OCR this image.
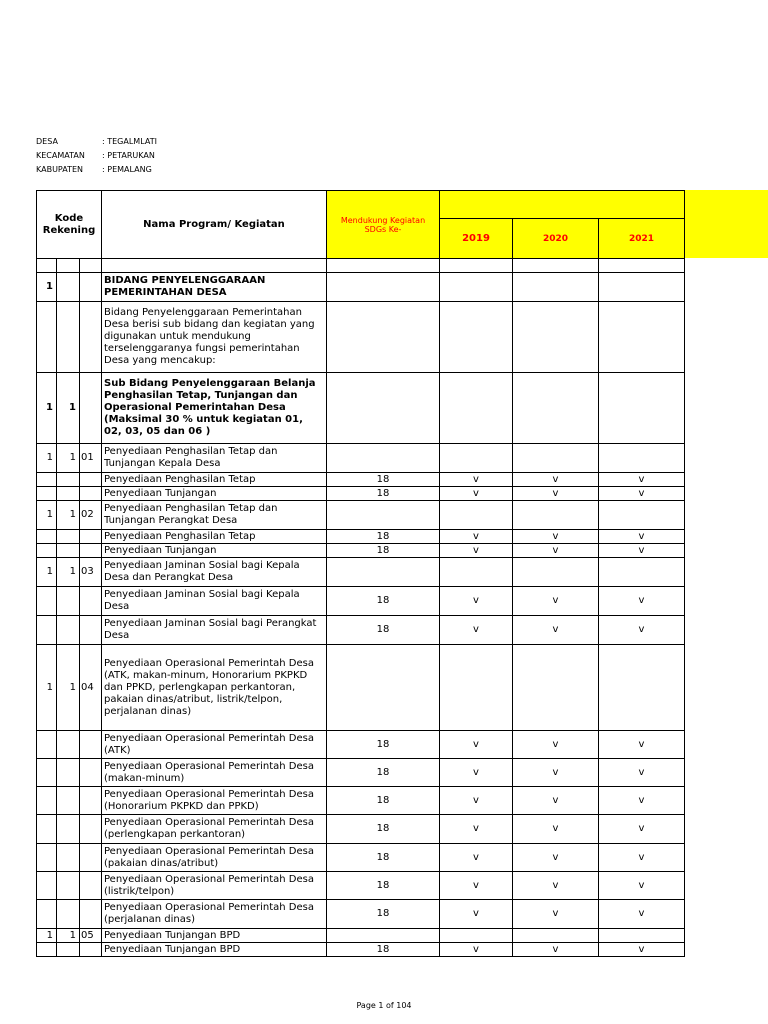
DESA	: TEGALMLATI
KECAMATAN : PETARUKAN
KABUPATEN : PEMALANG
Kode Rekening			Nama Program/ Kegiatan	Mendukung Kegiatan SDGs Ke-			
					2019	2020	2021

1			BIDANG PENYELENGGARAAN PEMERINTAHAN DESA				
			Bidang Penyelenggaraan Pemerintahan Desa berisi sub bidang dan kegiatan yang digunakan untuk mendukung terselenggaranya fungsi pemerintahan Desa yang mencakup:				
1	1		Sub Bidang Penyelenggaraan Belanja Penghasilan Tetap, Tunjangan dan Operasional Pemerintahan Desa (Maksimal 30 % untuk kegiatan 01, 02, 03, 05 dan 06 )				
1	1	01	Penyediaan Penghasilan Tetap dan Tunjangan Kepala Desa				
			Penyediaan Penghasilan Tetap	18	v	v	v
			Penyediaan Tunjangan	18	v	v	v
1	1	02	Penyediaan Penghasilan Tetap dan Tunjangan Perangkat Desa				
			Penyediaan Penghasilan Tetap	18	v	v	v
			Penyediaan Tunjangan	18	v	v	v
1	1	03	Penyediaan Jaminan Sosial bagi Kepala Desa dan Perangkat Desa				
			Penyediaan Jaminan Sosial bagi Kepala Desa	18	v	v	v
			Penyediaan Jaminan Sosial bagi Perangkat Desa	18	v	v	v
1	1	04	Penyediaan Operasional Pemerintah Desa (ATK, makan-minum, Honorarium PKPKD dan PPKD, perlengkapan perkantoran, pakaian dinas/atribut, listrik/telpon, perjalanan dinas)				
			Penyediaan Operasional Pemerintah Desa (ATK)	18	v	v	v
			Penyediaan Operasional Pemerintah Desa (makan-minum)	18	v	v	v
			Penyediaan Operasional Pemerintah Desa (Honorarium PKPKD dan PPKD)	18	v	v	v
			Penyediaan Operasional Pemerintah Desa (perlengkapan perkantoran)	18	v	v	v
			Penyediaan Operasional Pemerintah Desa (pakaian dinas/atribut)	18	v	v	v
			Penyediaan Operasional Pemerintah Desa (listrik/telpon)	18	v	v	v
			Penyediaan Operasional Pemerintah Desa (perjalanan dinas)	18	v	v	v
1	1	05	Penyediaan Tunjangan BPD				
			Penyediaan Tunjangan BPD	18	v	v	v
Page 1 of 104
